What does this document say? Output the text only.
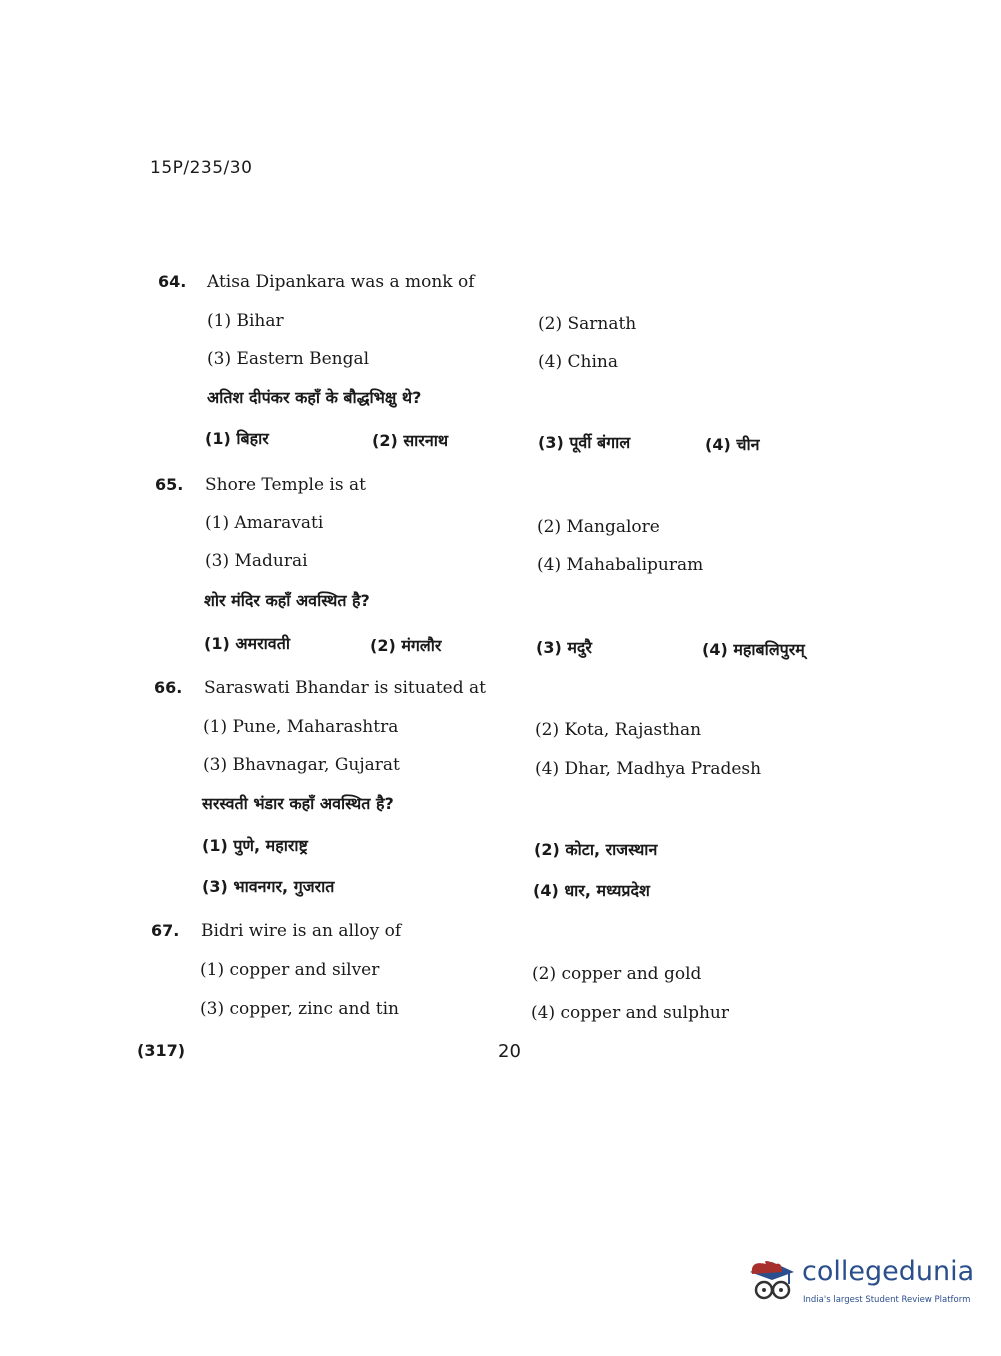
15P/235/30
64. Atisa Dipankara was a monk of
(1) Bihar	(2) Sarnath
(3) Eastern Bengal	(4) China
अतिश दीपंकर कहाँ के बौद्धभिक्षु थे?
(1) बिहार	(2) सारनाथ	(3) पूर्वी बंगाल	(4) चीन
65. Shore Temple is at
(1) Amaravati	(2) Mangalore
(3) Madurai	(4) Mahabalipuram
शोर मंदिर कहाँ अवस्थित है?
(1) अमरावती	(2) मंगलौर	(3) मदुरै	(4) महाबलिपुरम्
66. Saraswati Bhandar is situated at
(1) Pune, Maharashtra	(2) Kota, Rajasthan
(3) Bhavnagar, Gujarat	(4) Dhar, Madhya Pradesh
सरस्वती भंडार कहाँ अवस्थित है?
(1) पुणे, महाराष्ट्र	(2) कोटा, राजस्थान
(3) भावनगर, गुजरात	(4) धार, मध्यप्रदेश
67. Bidri wire is an alloy of
(1) copper and silver	(2) copper and gold
(3) copper, zinc and tin	(4) copper and sulphur
(317)	20
collegedunia
India's largest Student Review Platform
